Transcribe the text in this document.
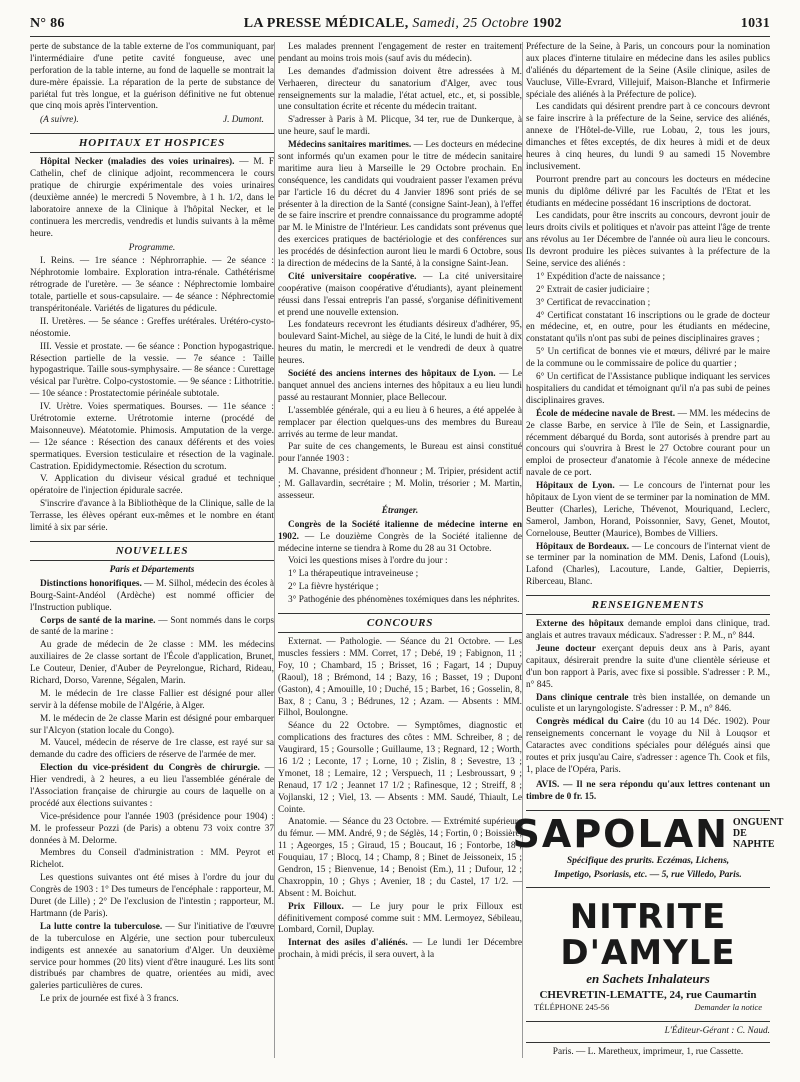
N° 86	LA PRESSE MÉDICALE, Samedi, 25 Octobre 1902	1031

perte de substance de la table externe de l'os communiquant, par l'intermédiaire d'une petite cavité fongueuse, avec une perforation de la table interne, au fond de laquelle se montrait la dure-mère épaissie. La réparation de la perte de substance de pariétal fut très longue, et la guérison définitive ne fut obtenue que cinq mois après l'intervention.

(A suivre).	J. Dumont.
HOPITAUX ET HOSPICES

Hôpital Necker (maladies des voies urinaires). — M. F Cathelin, chef de clinique adjoint, recommencera le cours pratique de chirurgie expérimentale des voies urinaires (deuxième année) le mercredi 5 Novembre, à 1 h. 1/2, dans le laboratoire annexe de la Clinique à l'hôpital Necker, et le continuera les mercredis, vendredis et lundis suivants à la même heure.

Programme.

I. Reins. — 1re séance : Néphrorraphie. — 2e séance : Néphrotomie lombaire. Exploration intra-rénale. Cathétérisme rétrograde de l'uretère. — 3e séance : Néphrectomie lombaire totale, partielle et sous-capsulaire. — 4e séance : Néphrectomie transpéritonéale. Variétés de ligatures du pédicule.

II. Uretères. — 5e séance : Greffes urétérales. Urétéro-cysto-néostomie.

III. Vessie et prostate. — 6e séance : Ponction hypogastrique. Résection partielle de la vessie. — 7e séance : Taille hypogastrique. Taille sous-symphysaire. — 8e séance : Curettage vésical par l'urètre. Colpo-cystostomie. — 9e séance : Lithotritie. — 10e séance : Prostatectomie périnéale subtotale.

IV. Urètre. Voies spermatiques. Bourses. — 11e séance : Urétrotomie externe. Urétrotomie interne (procédé de Maisonneuve). Méatotomie. Phimosis. Amputation de la verge. — 12e séance : Résection des canaux déférents et des voies spermatiques. Eversion testiculaire et résection de la vaginale. Castration. Epididymectomie. Résection du scrotum.

V. Application du diviseur vésical gradué et technique opératoire de l'injection épidurale sacrée.

S'inscrire d'avance à la Bibliothèque de la Clinique, salle de la Terrasse, les élèves opérant eux-mêmes et le nombre en étant limité à six par série.

NOUVELLES
Paris et Départements

Distinctions honorifiques. — M. Silhol, médecin des écoles à Bourg-Saint-Andéol (Ardèche) est nommé officier de l'Instruction publique.

Corps de santé de la marine. — Sont nommés dans le corps de santé de la marine :

Au grade de médecin de 2e classe : MM. les médecins auxiliaires de 2e classe sortant de l'École d'application, Brunet, Le Couteur, Denier, d'Auber de Peyrelongue, Richard, Rideau, Richard, Dorso, Varenne, Ségalen, Marin.

M. le médecin de 1re classe Fallier est désigné pour aller servir à la défense mobile de l'Algérie, à Alger.

M. le médecin de 2e classe Marin est désigné pour embarquer sur l'Alcyon (station locale du Congo).

M. Vaucel, médecin de réserve de 1re classe, est rayé sur sa demande du cadre des officiers de réserve de l'armée de mer.

Election du vice-président du Congrès de chirurgie. — Hier vendredi, à 2 heures, a eu lieu l'assemblée générale de l'Association française de chirurgie au cours de laquelle on a procédé aux élections suivantes :

Vice-présidence pour l'année 1903 (présidence pour 1904) : M. le professeur Pozzi (de Paris) a obtenu 73 voix contre 37 données à M. Delorme.

Membres du Conseil d'administration : MM. Peyrot et Richelot.

Les questions suivantes ont été mises à l'ordre du jour du Congrès de 1903 : 1° Des tumeurs de l'encéphale : rapporteur, M. Duret (de Lille) ; 2° De l'exclusion de l'intestin ; rapporteur, M. Hartmann (de Paris).

La lutte contre la tuberculose. — Sur l'initiative de l'œuvre de la tuberculose en Algérie, une section pour tuberculeux indigents est annexée au sanatorium d'Alger. Un deuxième service pour hommes (20 lits) vient d'être inauguré. Les lits sont distribués par chambres de quatre, orientées au midi, avec galeries particulières de cures.

Le prix de journée est fixé à 3 francs.

Les malades prennent l'engagement de rester en traitement pendant au moins trois mois (sauf avis du médecin).

Les demandes d'admission doivent être adressées à M. Verhaeren, directeur du sanatorium d'Alger, avec tous renseignements sur la maladie, l'état actuel, etc., et, si possible, une consultation écrite et récente du médecin traitant.

S'adresser à Paris à M. Plicque, 34 ter, rue de Dunkerque, à une heure, sauf le mardi.

Médecins sanitaires maritimes. — Les docteurs en médecine sont informés qu'un examen pour le titre de médecin sanitaire maritime aura lieu à Marseille le 29 Octobre prochain. En conséquence, les candidats qui voudraient passer l'examen prévu par l'article 16 du décret du 4 Janvier 1896 sont priés de se présenter à la direction de la Santé (consigne Saint-Jean), à l'effet de se faire inscrire et prendre connaissance du programme adopté par M. le Ministre de l'Intérieur. Les candidats sont prévenus que des exercices pratiques de bactériologie et des conférences sur les procédés de désinfection auront lieu le mardi 6 Octobre, sous la direction de médecins de la Santé, à la consigne Saint-Jean.

Cité universitaire coopérative. — La cité universitaire coopérative (maison coopérative d'étudiants), ayant pleinement réussi dans l'essai entrepris l'an passé, s'organise définitivement et prend une nouvelle extension.

Les fondateurs recevront les étudiants désireux d'adhérer, 95, boulevard Saint-Michel, au siège de la Cité, le lundi de huit à dix heures du matin, le mercredi et le vendredi de deux à quatre heures.

Société des anciens internes des hôpitaux de Lyon. — Le banquet annuel des anciens internes des hôpitaux a eu lieu lundi passé au restaurant Monnier, place Bellecour.

L'assemblée générale, qui a eu lieu à 6 heures, a été appelée à remplacer par élection quelques-uns des membres du Bureau arrivés au terme de leur mandat.

Par suite de ces changements, le Bureau est ainsi constitué pour l'année 1903 :

M. Chavanne, président d'honneur ; M. Tripier, président actif ; M. Gallavardin, secrétaire ; M. Molin, trésorier ; M. Martin, assesseur.

Étranger.

Congrès de la Société italienne de médecine interne en 1902. — Le douzième Congrès de la Société italienne de médecine interne se tiendra à Rome du 28 au 31 Octobre.

Voici les questions mises à l'ordre du jour :

1° La thérapeutique intraveineuse ;

2° La fièvre hystérique ;

3° Pathogénie des phénomènes toxémiques dans les néphrites.

CONCOURS

Externat. — Pathologie. — Séance du 21 Octobre. — Les muscles fessiers : MM. Corret, 17 ; Debé, 19 ; Fabignon, 11 ; Foy, 10 ; Chambard, 15 ; Brisset, 16 ; Fagart, 14 ; Dupuy (Raoul), 18 ; Brémond, 14 ; Bazy, 16 ; Basset, 19 ; Dupont (Gaston), 4 ; Amouille, 10 ; Duché, 15 ; Barbet, 16 ; Gosselin, 8, Bax, 8 ; Canu, 3 ; Bédrunes, 12 ; Azam. — Absents : MM. Filhol, Boulongne.

Séance du 22 Octobre. — Symptômes, diagnostic et complications des fractures des côtes : MM. Schreiber, 8 ; de Vaugirard, 15 ; Goursolle ; Guillaume, 13 ; Regnard, 12 ; Worth, 16 1/2 ; Leconte, 17 ; Lorne, 10 ; Zislin, 8 ; Sevestre, 13 ; Ymonet, 18 ; Lemaire, 12 ; Verspuech, 11 ; Lesbroussart, 9 ; Renaud, 17 1/2 ; Jeannet 17 1/2 ; Rafinesque, 12 ; Streiff, 8 ; Vojlanski, 12 ; Viel, 13. — Absents : MM. Saudé, Thiault, Le Cointe.

Anatomie. — Séance du 23 Octobre. — Extrémité supérieure du fémur. — MM. André, 9 ; de Séglès, 14 ; Fortin, 0 ; Boissière, 11 ; Ageorges, 15 ; Giraud, 15 ; Boucaut, 16 ; Fontorbe, 18 ; Fouquiau, 17 ; Blocq, 14 ; Champ, 8 ; Binet de Jeissoneix, 15 ; Gendron, 15 ; Bienvenue, 14 ; Benoist (Em.), 11 ; Dufour, 12 ; Chaxroppin, 10 ; Ghys ; Avenier, 18 ; du Castel, 17 1/2. — Absent : M. Boichut.

Prix Filloux. — Le jury pour le prix Filloux est définitivement composé comme suit : MM. Lermoyez, Sébileau, Lombard, Cornil, Duplay.

Internat des asiles d'aliénés. — Le lundi 1er Décembre prochain, à midi précis, il sera ouvert, à la

Préfecture de la Seine, à Paris, un concours pour la nomination aux places d'interne titulaire en médecine dans les asiles publics d'aliénés du département de la Seine (Asile clinique, asiles de Vaucluse, Ville-Evrard, Villejuif, Maison-Blanche et Infirmerie spéciale des aliénés à la Préfecture de police).

Les candidats qui désirent prendre part à ce concours devront se faire inscrire à la préfecture de la Seine, service des aliénés, annexe de l'Hôtel-de-Ville, rue Lobau, 2, tous les jours, dimanches et fêtes exceptés, de dix heures à midi et de deux heures à cinq heures, du lundi 9 au samedi 15 Novembre inclusivement.

Pourront prendre part au concours les docteurs en médecine munis du diplôme délivré par les Facultés de l'Etat et les étudiants en médecine possédant 16 inscriptions de doctorat.

Les candidats, pour être inscrits au concours, devront jouir de leurs droits civils et politiques et n'avoir pas atteint l'âge de trente ans révolus au 1er Décembre de l'année où aura lieu le concours. Ils devront produire les pièces suivantes à la préfecture de la Seine, service des aliénés :

1° Expédition d'acte de naissance ;

2° Extrait de casier judiciaire ;

3° Certificat de revaccination ;

4° Certificat constatant 16 inscriptions ou le grade de docteur en médecine, et, en outre, pour les étudiants en médecine, constatant qu'ils n'ont pas subi de peines disciplinaires graves ;

5° Un certificat de bonnes vie et mœurs, délivré par le maire de la commune ou le commissaire de police du quartier ;

6° Un certificat de l'Assistance publique indiquant les services hospitaliers du candidat et témoignant qu'il n'a pas subi de peines disciplinaires graves.

École de médecine navale de Brest. — MM. les médecins de 2e classe Barbe, en service à l'île de Sein, et Lassignardie, récemment débarqué du Borda, sont autorisés à prendre part au concours qui s'ouvrira à Brest le 27 Octobre courant pour un emploi de prosecteur d'anatomie à l'école annexe de médecine navale de ce port.

Hôpitaux de Lyon. — Le concours de l'internat pour les hôpitaux de Lyon vient de se terminer par la nomination de MM. Beutter (Charles), Leriche, Thévenot, Mouriquand, Leclerc, Samerol, Jambon, Horand, Poissonnier, Savy, Genet, Moutot, Cornelouse, Beutter (Maurice), Bombes de Villiers.

Hôpitaux de Bordeaux. — Le concours de l'internat vient de se terminer par la nomination de MM. Denis, Lafond (Louis), Lafond (Charles), Lacouture, Lande, Galtier, Depierris, Riberceau, Blanc.

RENSEIGNEMENTS

Externe des hôpitaux demande emploi dans clinique, trad. anglais et autres travaux médicaux. S'adresser : P. M., n° 844.

Jeune docteur exerçant depuis deux ans à Paris, ayant capitaux, désirerait prendre la suite d'une clientèle sérieuse et d'un bon rapport à Paris, avec fixe si possible. S'adresser : P. M., n° 845.

Dans clinique centrale très bien installée, on demande un oculiste et un laryngologiste. S'adresser : P. M., n° 846.

Congrès médical du Caire (du 10 au 14 Déc. 1902). Pour renseignements concernant le voyage du Nil à Louqsor et Cataractes avec conditions spéciales pour délégués ainsi que routes et prix jusqu'au Caire, s'adresser : agence Th. Cook et fils, 1, place de l'Opéra, Paris.

AVIS. — Il ne sera répondu qu'aux lettres contenant un timbre de 0 fr. 15.

SAPOLAN ONGUENT
DE NAPHTE
Spécifique des prurits. Eczémas, Lichens,
Impetigo, Psoriasis, etc. — 5, rue Villedo, Paris.
NITRITE D'AMYLE
en Sachets Inhalateurs
CHEVRETIN-LEMATTE, 24, rue Caumartin
TÉLÉPHONE 245-56	Demander la notice
L'Éditeur-Gérant : C. Naud.
Paris. — L. Maretheux, imprimeur, 1, rue Cassette.
